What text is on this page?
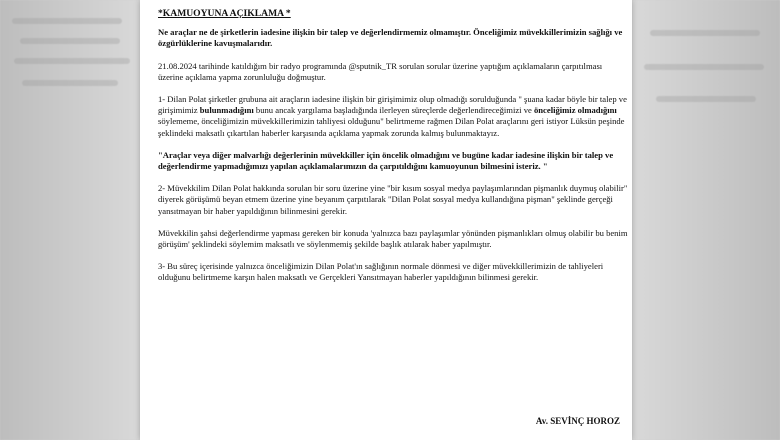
*KAMUOYUNA AÇIKLAMA *

Ne araçlar ne de şirketlerin iadesine ilişkin bir talep ve değerlendirmemiz olmamıştır. Önceliğimiz müvekkillerimizin sağlığı ve özgürlüklerine kavuşmalarıdır.

21.08.2024 tarihinde katıldığım bir radyo programında @sputnik_TR sorulan sorular üzerine yaptığım açıklamaların çarpıtılması üzerine açıklama yapma zorunluluğu doğmuştur.

1- Dilan Polat şirketler grubuna ait araçların iadesine ilişkin bir girişimimiz olup olmadığı sorulduğunda " şuana kadar böyle bir talep ve girişimimiz bulunmadığını bunu ancak yargılama başladığında ilerleyen süreçlerde değerlendireceğimizi ve önceliğimiz olmadığını söylememe, önceliğimizin müvekkillerimizin tahliyesi olduğunu" belirtmeme rağmen Dilan Polat araçlarını geri istiyor Lüksün peşinde şeklindeki maksatlı çıkartılan haberler karşısında açıklama yapmak zorunda kalmış bulunmaktayız.

"Araçlar veya diğer malvarlığı değerlerinin müvekkiller için öncelik olmadığını ve bugüne kadar iadesine ilişkin bir talep ve değerlendirme yapmadığımızı yapılan açıklamalarımızın da çarpıtıldığını kamuoyunun bilmesini isteriz. "

2- Müvekkilim Dilan Polat hakkında sorulan bir soru üzerine yine "bir kısım sosyal medya paylaşımlarından pişmanlık duymuş olabilir" diyerek görüşümü beyan etmem üzerine yine beyanım çarpıtılarak "Dilan Polat sosyal medya kullandığına pişman" şeklinde gerçeği yansıtmayan bir haber yapıldığının bilinmesini gerekir.

Müvekkilin şahsi değerlendirme yapması gereken bir konuda 'yalnızca bazı paylaşımlar yönünden pişmanlıkları olmuş olabilir bu benim görüşüm' şeklindeki söylemim maksatlı ve söylenmemiş şekilde başlık atılarak haber yapılmıştır.

3- Bu süreç içerisinde yalnızca önceliğimizin Dilan Polat'ın sağlığının normale dönmesi ve diğer müvekkillerimizin de tahliyeleri olduğunu belirtmeme karşın halen maksatlı ve Gerçekleri Yansıtmayan haberler yapıldığının bilinmesi gerekir.

Av. SEVİNÇ HOROZ
